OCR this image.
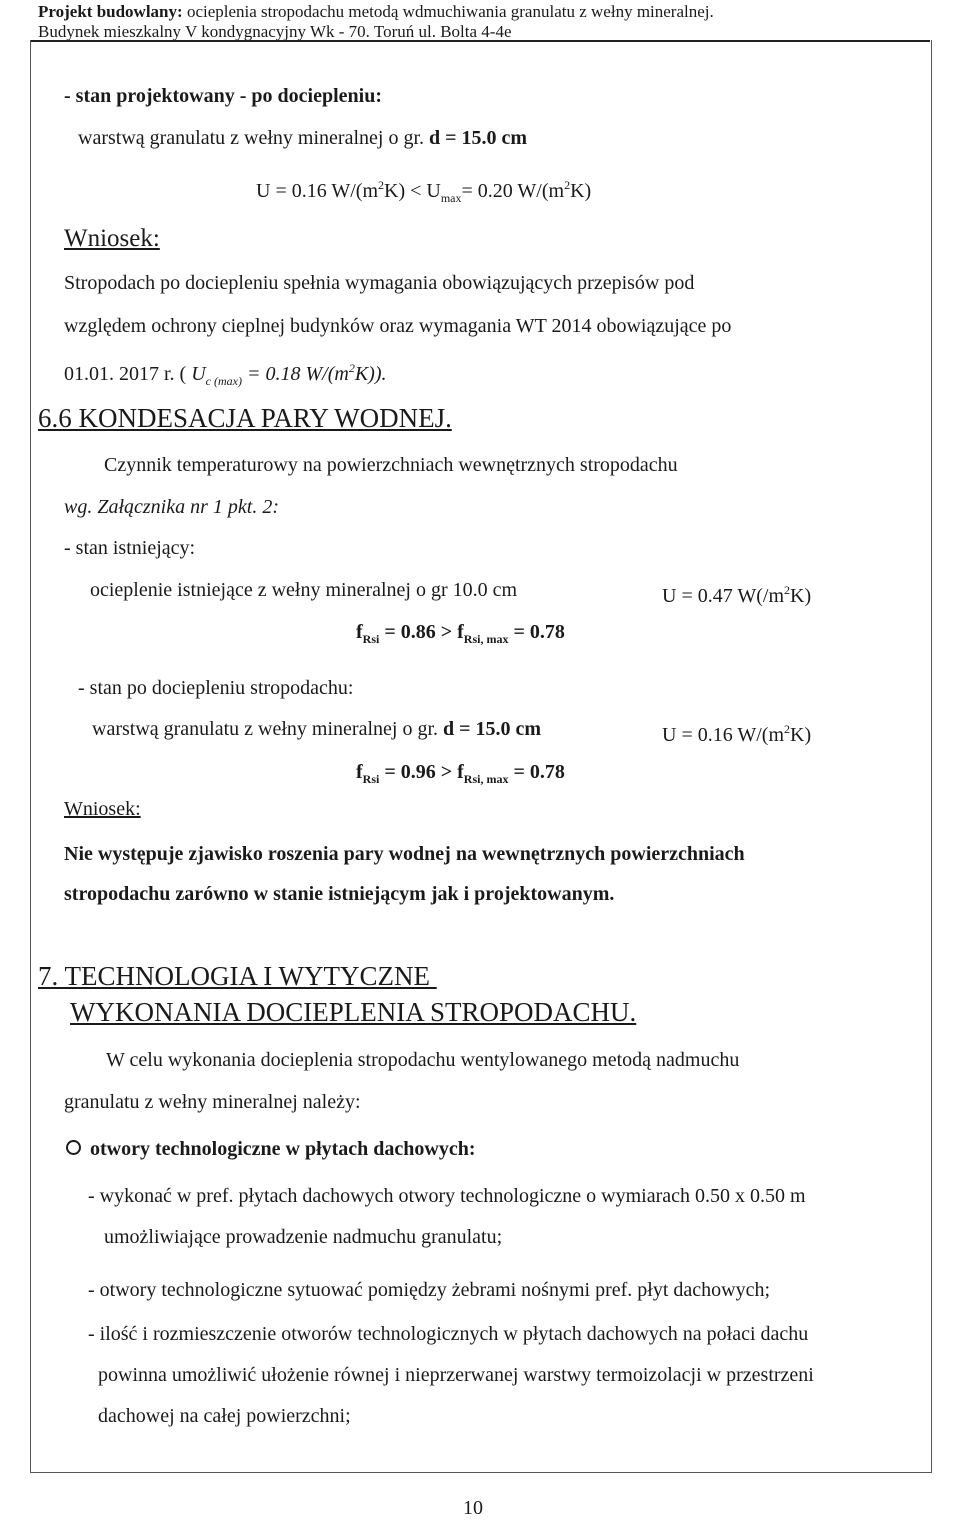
Projekt budowlany: ocieplenia stropodachu metodą wdmuchiwania granulatu z wełny mineralnej.
Budynek mieszkalny V kondygnacyjny Wk - 70. Toruń ul. Bolta 4-4e
- stan projektowany - po dociepleniu:
warstwą granulatu z wełny mineralnej o gr. d = 15.0 cm
U = 0.16 $W/(m^2K) < U_{max}= 0.20$ $W/(m^2K)$
Wniosek:
Stropodach po dociepleniu spełnia wymagania obowiązujących przepisów pod
względem ochrony cieplnej budynków oraz wymagania WT 2014 obowiązujące po
01.01. 2017 r. ( $U_{c (max)} = 0.18$ $W/(m^2K)$).
6.6 KONDESACJA PARY WODNEJ.
Czynnik temperaturowy na powierzchniach wewnętrznych stropodachu
wg. Załącznika nr 1 pkt. 2:
- stan istniejący:
ocieplenie istniejące z wełny mineralnej o gr 10.0 cm	U = 0.47 $W(/m^2K)$
$f_{Rsi} = 0.86 > f_{Rsi, max} = 0.78$
- stan po dociepleniu stropodachu:
warstwą granulatu z wełny mineralnej o gr. d = 15.0 cm	U = 0.16 $W/(m^2K)$
$f_{Rsi} = 0.96 > f_{Rsi, max} = 0.78$
Wniosek:
Nie występuje zjawisko roszenia pary wodnej na wewnętrznych powierzchniach
stropodachu zarówno w stanie istniejącym jak i projektowanym.
7. TECHNOLOGIA I WYTYCZNE
WYKONANIA DOCIEPLENIA STROPODACHU.
W celu wykonania docieplenia stropodachu wentylowanego metodą nadmuchu
granulatu z wełny mineralnej należy:
otwory technologiczne w płytach dachowych:
- wykonać w pref. płytach dachowych otwory technologiczne o wymiarach 0.50 x 0.50 m
umożliwiające prowadzenie nadmuchu granulatu;
- otwory technologiczne sytuować pomiędzy żebrami nośnymi pref. płyt dachowych;
- ilość i rozmieszczenie otworów technologicznych w płytach dachowych na połaci dachu
powinna umożliwić ułożenie równej i nieprzerwanej warstwy termoizolacji w przestrzeni
dachowej na całej powierzchni;
10
